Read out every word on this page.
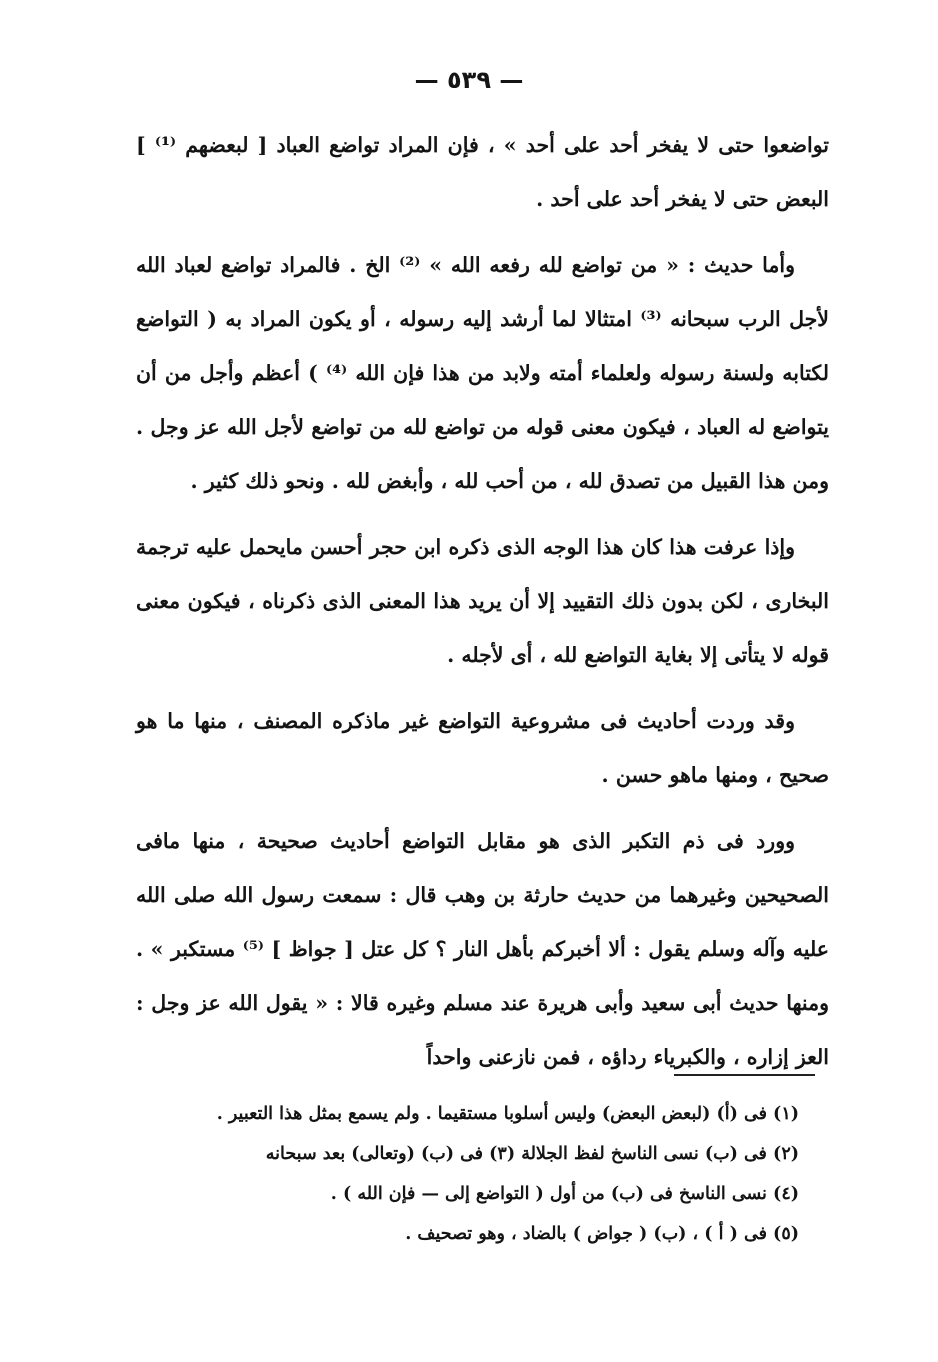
— ٥٣٩ —

تواضعوا حتى لا يفخر أحد على أحد » ، فإن المراد تواضع العباد [ لبعضهم ⁽¹⁾ ] البعض حتى لا يفخر أحد على أحد .

وأما حديث : « من تواضع لله رفعه الله » ⁽²⁾ الخ . فالمراد تواضع لعباد الله لأجل الرب سبحانه ⁽³⁾ امتثالا لما أرشد إليه رسوله ، أو يكون المراد به ( التواضع لكتابه ولسنة رسوله ولعلماء أمته ولابد من هذا فإن الله ⁽⁴⁾ ) أعظم وأجل من أن يتواضع له العباد ، فيكون معنى قوله من تواضع لله من تواضع لأجل الله عز وجل . ومن هذا القبيل من تصدق لله ، من أحب لله ، وأبغض لله . ونحو ذلك كثير .

وإذا عرفت هذا كان هذا الوجه الذى ذكره ابن حجر أحسن مايحمل عليه ترجمة البخارى ، لكن بدون ذلك التقييد إلا أن يريد هذا المعنى الذى ذكرناه ، فيكون معنى قوله لا يتأتى إلا بغاية التواضع لله ، أى لأجله .

وقد وردت أحاديث فى مشروعية التواضع غير ماذكره المصنف ، منها ما هو صحيح ، ومنها ماهو حسن .

وورد فى ذم التكبر الذى هو مقابل التواضع أحاديث صحيحة ، منها مافى الصحيحين وغيرهما من حديث حارثة بن وهب قال : سمعت رسول الله صلى الله عليه وآله وسلم يقول : ألا أخبركم بأهل النار ؟ كل عتل [ جواظ ] ⁽⁵⁾ مستكبر » . ومنها حديث أبى سعيد وأبى هريرة عند مسلم وغيره قالا : « يقول الله عز وجل : العز إزاره ، والكبرياء رداؤه ، فمن نازعنى واحداً

(١) فى (أ) (لبعض البعض) وليس أسلوبا مستقيما . ولم يسمع بمثل هذا التعبير .

(٢) فى (ب) نسى الناسخ لفظ الجلالة (٣) فى (ب) (وتعالى) بعد سبحانه

(٤) نسى الناسخ فى (ب) من أول ( التواضع إلى — فإن الله ) .

(٥) فى ( أ ) ، (ب) ( جواض ) بالضاد ، وهو تصحيف .
